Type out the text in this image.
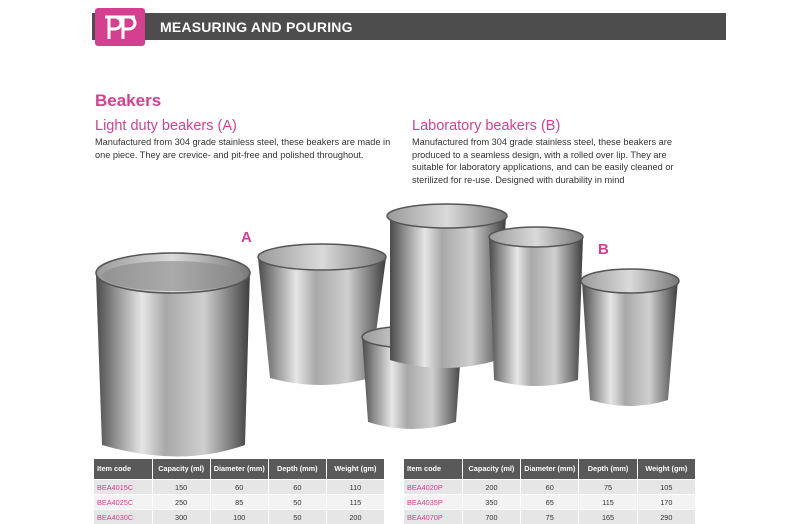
MEASURING AND POURING
Beakers
Light duty beakers (A)
Manufactured from 304 grade stainless steel, these beakers are made in one piece. They are crevice- and pit-free and polished throughout.
Laboratory beakers (B)
Manufactured from 304 grade stainless steel, these beakers are produced to a seamless design, with a rolled over lip. They are suitable for laboratory applications, and can be easily cleaned or sterilized for re-use. Designed with durability in mind
A
B
Item code	Capacity (ml)	Diameter (mm)	Depth (mm)	Weight (gm)
BEA4015C	150	60	60	110
BEA4025C	250	85	50	115
BEA4030C	300	100	50	200
Item code	Capacity (ml)	Diameter (mm)	Depth (mm)	Weight (gm)
BEA4020P	200	60	75	105
BEA4035P	350	65	115	170
BEA4070P	700	75	165	290
